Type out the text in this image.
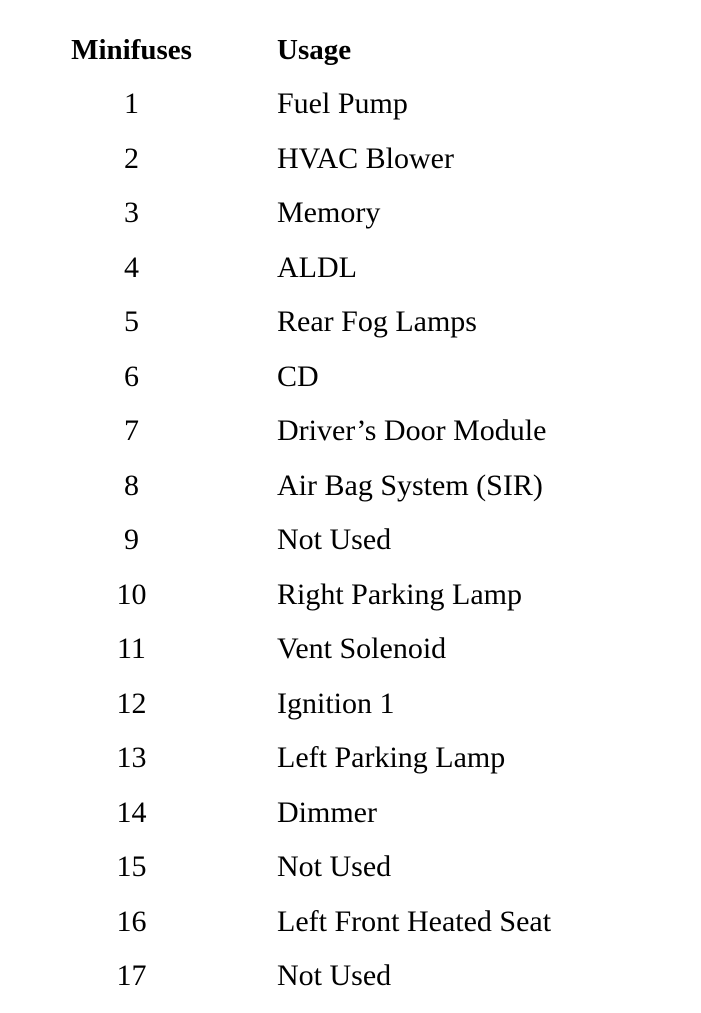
Minifuses	Usage
1	Fuel Pump
2	HVAC Blower
3	Memory
4	ALDL
5	Rear Fog Lamps
6	CD
7	Driver’s Door Module
8	Air Bag System (SIR)
9	Not Used
10	Right Parking Lamp
11	Vent Solenoid
12	Ignition 1
13	Left Parking Lamp
14	Dimmer
15	Not Used
16	Left Front Heated Seat
17	Not Used
